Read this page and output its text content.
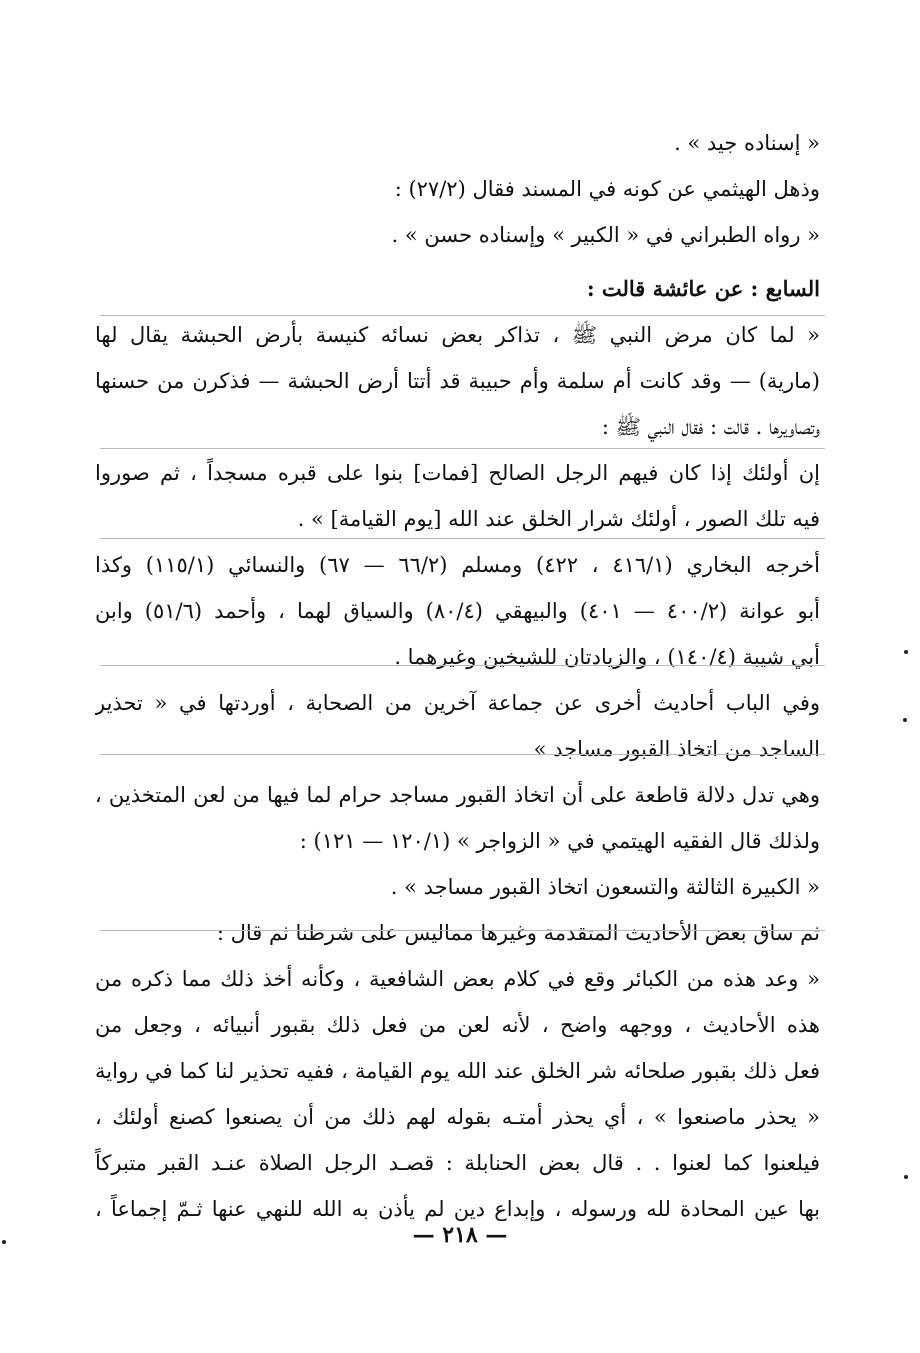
« إسناده جيد » .
وذهل الهيثمي عن كونه في المسند فقال (٢٧/٢) :
« رواه الطبراني في « الكبير » وإسناده حسن » .
السابع : عن عائشة قالت :
« لما كان مرض النبي ﷺ ، تذاكر بعض نسائه كنيسة بأرض الحبشة يقال لها
(مارية) — وقد كانت أم سلمة وأم حبيبة قد أتتا أرض الحبشة — فذكرن من حسنها
وتصاويرها . قالت : فقال النبي ﷺ :
إن أولئك إذا كان فيهم الرجل الصالح [فمات] بنوا على قبره مسجداً ، ثم صوروا
فيه تلك الصور ، أولئك شرار الخلق عند الله [يوم القيامة] » .
أخرجه البخاري (٤١٦/١ ، ٤٢٢) ومسلم (٦٦/٢ — ٦٧) والنسائي (١١٥/١) وكذا
أبو عوانة (٤٠٠/٢ — ٤٠١) والبيهقي (٨٠/٤) والسياق لهما ، وأحمد (٥١/٦) وابن
أبي شيبة (١٤٠/٤) ، والزيادتان للشيخين وغيرهما .
وفي الباب أحاديث أخرى عن جماعة آخرين من الصحابة ، أوردتها في « تحذير
الساجد من اتخاذ القبور مساجد »
وهي تدل دلالة قاطعة على أن اتخاذ القبور مساجد حرام لما فيها من لعن المتخذين ،
ولذلك قال الفقيه الهيتمي في « الزواجر » (١٢٠/١ — ١٢١) :
« الكبيرة الثالثة والتسعون اتخاذ القبور مساجد » .
ثم ساق بعض الأحاديث المتقدمة وغيرها مماليس على شرطنا ثم قال :
« وعد هذه من الكبائر وقع في كلام بعض الشافعية ، وكأنه أخذ ذلك مما ذكره من
هذه الأحاديث ، ووجهه واضح ، لأنه لعن من فعل ذلك بقبور أنبيائه ، وجعل من
فعل ذلك بقبور صلحائه شر الخلق عند الله يوم القيامة ، ففيه تحذير لنا كما في رواية
« يحذر ماصنعوا » ، أي يحذر أمتـه بقوله لهم ذلك من أن يصنعوا كصنع أولئك ،
فيلعنوا كما لعنوا . . قال بعض الحنابلة : قصـد الرجل الصلاة عنـد القبر متبركاً
بها عين المحادة لله ورسوله ، وإبداع دين لم يأذن به الله للنهي عنها ثـمّ إجماعاً ،
— ٢١٨ —
